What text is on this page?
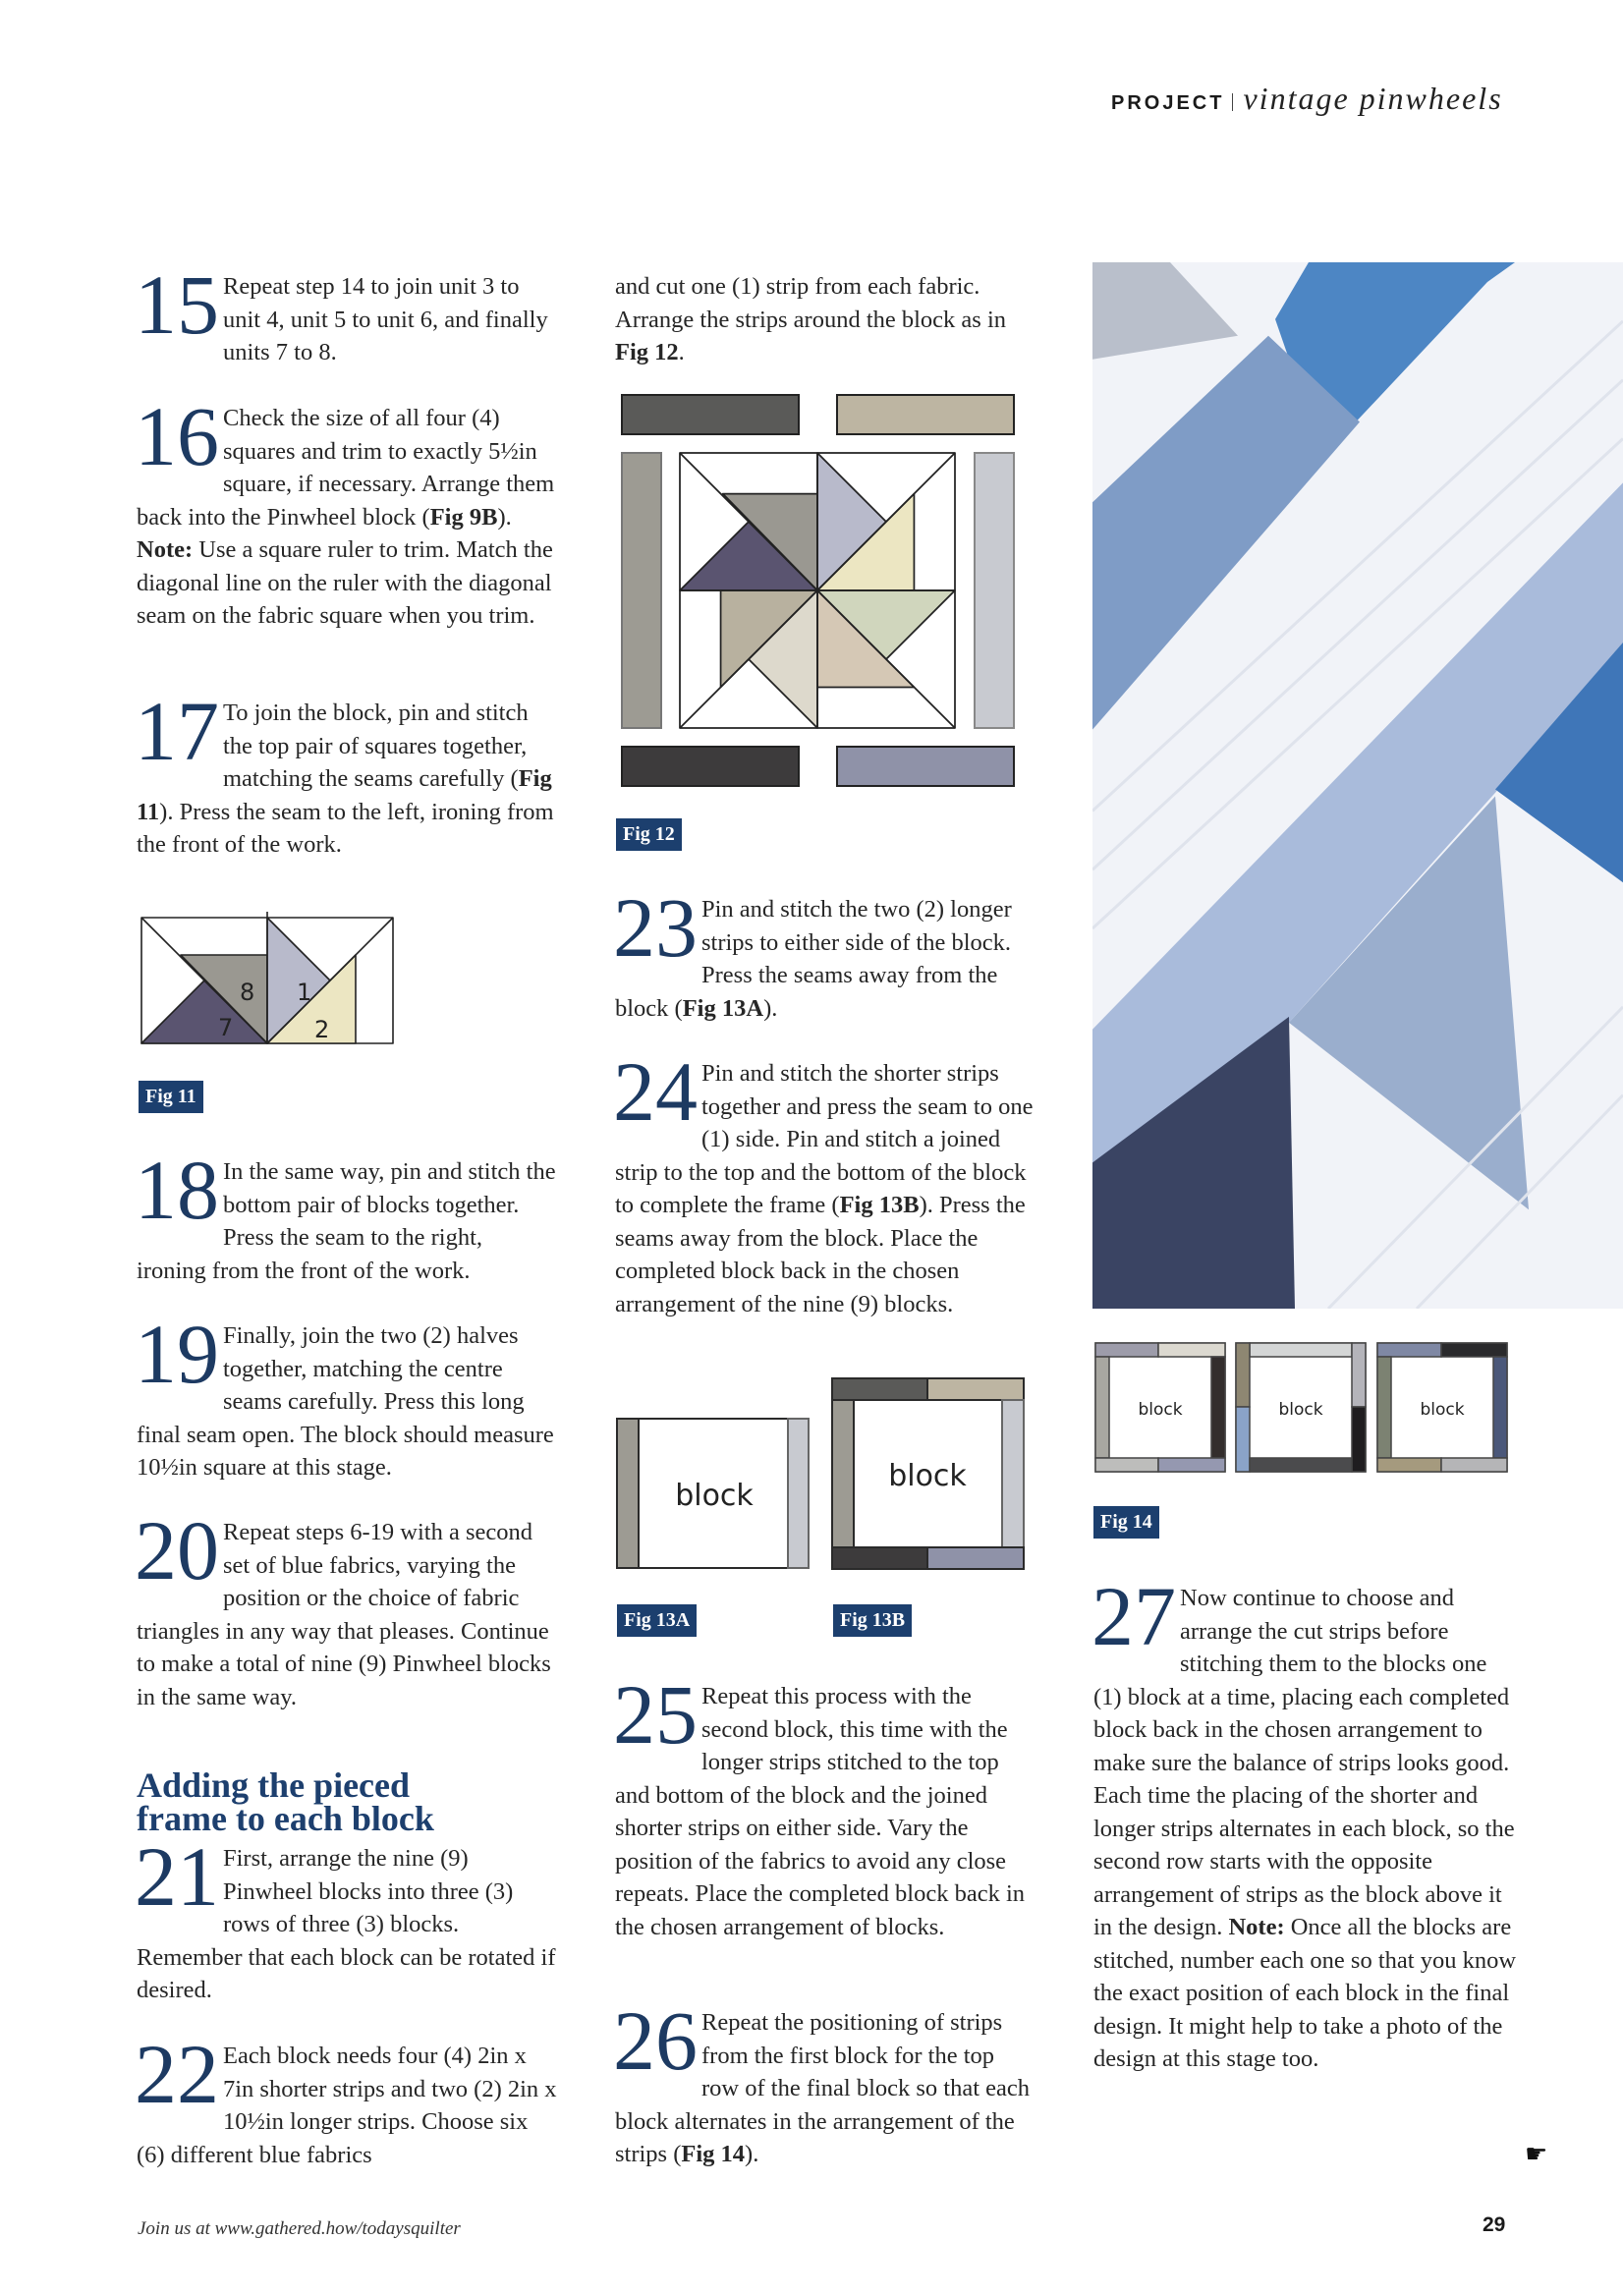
PROJECT vintage pinwheels
15 Repeat step 14 to join unit 3 to unit 4, unit 5 to unit 6, and finally units 7 to 8.
16 Check the size of all four (4) squares and trim to exactly 5½in square, if necessary. Arrange them back into the Pinwheel block (Fig 9B). Note: Use a square ruler to trim. Match the diagonal line on the ruler with the diagonal seam on the fabric square when you trim.
17 To join the block, pin and stitch the top pair of squares together, matching the seams carefully (Fig 11). Press the seam to the left, ironing from the front of the work.
8 1
7	2
Fig 11
18 In the same way, pin and stitch the bottom pair of blocks together. Press the seam to the right, ironing from the front of the work.
19 Finally, join the two (2) halves together, matching the centre seams carefully. Press this long final seam open. The block should measure 10½in square at this stage.
20 Repeat steps 6-19 with a second set of blue fabrics, varying the position or the choice of fabric triangles in any way that pleases. Continue to make a total of nine (9) Pinwheel blocks in the same way.
Adding the pieced
frame to each block
21 First, arrange the nine (9) Pinwheel blocks into three (3) rows of three (3) blocks. Remember that each block can be rotated if desired.
22 Each block needs four (4) 2in x 7in shorter strips and two (2) 2in x 10½in longer strips. Choose six (6) different blue fabrics
and cut one (1) strip from each fabric. Arrange the strips around the block as in Fig 12.
Fig 12
23 Pin and stitch the two (2) longer strips to either side of the block. Press the seams away from the block (Fig 13A).
24 Pin and stitch the shorter strips together and press the seam to one (1) side. Pin and stitch a joined strip to the top and the bottom of the block to complete the frame (Fig 13B). Press the seams away from the block. Place the completed block back in the chosen arrangement of the nine (9) blocks.
block
block
Fig 13A	Fig 13B
25 Repeat this process with the second block, this time with the longer strips stitched to the top and bottom of the block and the joined shorter strips on either side. Vary the position of the fabrics to avoid any close repeats. Place the completed block back in the chosen arrangement of blocks.
26 Repeat the positioning of strips from the first block for the top row of the final block so that each block alternates in the arrangement of the strips (Fig 14).
block	block	block
Fig 14
27 Now continue to choose and arrange the cut strips before stitching them to the blocks one (1) block at a time, placing each completed block back in the chosen arrangement to make sure the balance of strips looks good. Each time the placing of the shorter and longer strips alternates in each block, so the second row starts with the opposite arrangement of strips as the block above it in the design. Note: Once all the blocks are stitched, number each one so that you know the exact position of each block in the final design. It might help to take a photo of the design at this stage too.
☛
Join us at www.gathered.how/todaysquilter	29
